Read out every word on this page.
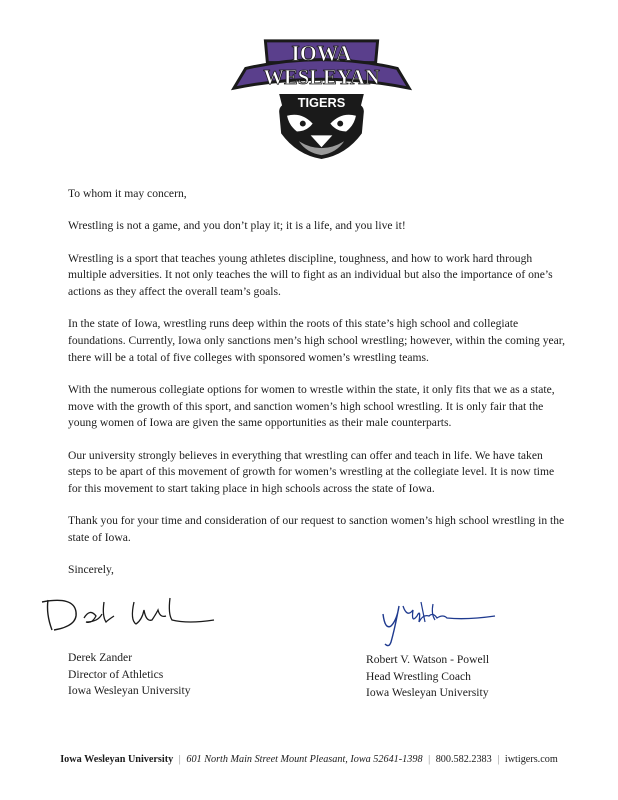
IOWA
WESLEYAN
TIGERS

To whom it may concern,

Wrestling is not a game, and you don’t play it; it is a life, and you live it!

Wrestling is a sport that teaches young athletes discipline, toughness, and how to work hard through multiple adversities. It not only teaches the will to fight as an individual but also the importance of one’s actions as they affect the overall team’s goals.

In the state of Iowa, wrestling runs deep within the roots of this state’s high school and collegiate foundations. Currently, Iowa only sanctions men’s high school wrestling; however, within the coming year, there will be a total of five colleges with sponsored women’s wrestling teams.

With the numerous collegiate options for women to wrestle within the state, it only fits that we as a state, move with the growth of this sport, and sanction women’s high school wrestling. It is only fair that the young women of Iowa are given the same opportunities as their male counterparts.

Our university strongly believes in everything that wrestling can offer and teach in life. We have taken steps to be apart of this movement of growth for women’s wrestling at the collegiate level. It is now time for this movement to start taking place in high schools across the state of Iowa.

Thank you for your time and consideration of our request to sanction women’s high school wrestling in the state of Iowa.

Sincerely,

Derek Zander
Director of Athletics
Iowa Wesleyan University
Robert V. Watson - Powell
Head Wrestling Coach
Iowa Wesleyan University
Iowa Wesleyan University | 601 North Main Street Mount Pleasant, Iowa 52641-1398 | 800.582.2383 | iwtigers.com
